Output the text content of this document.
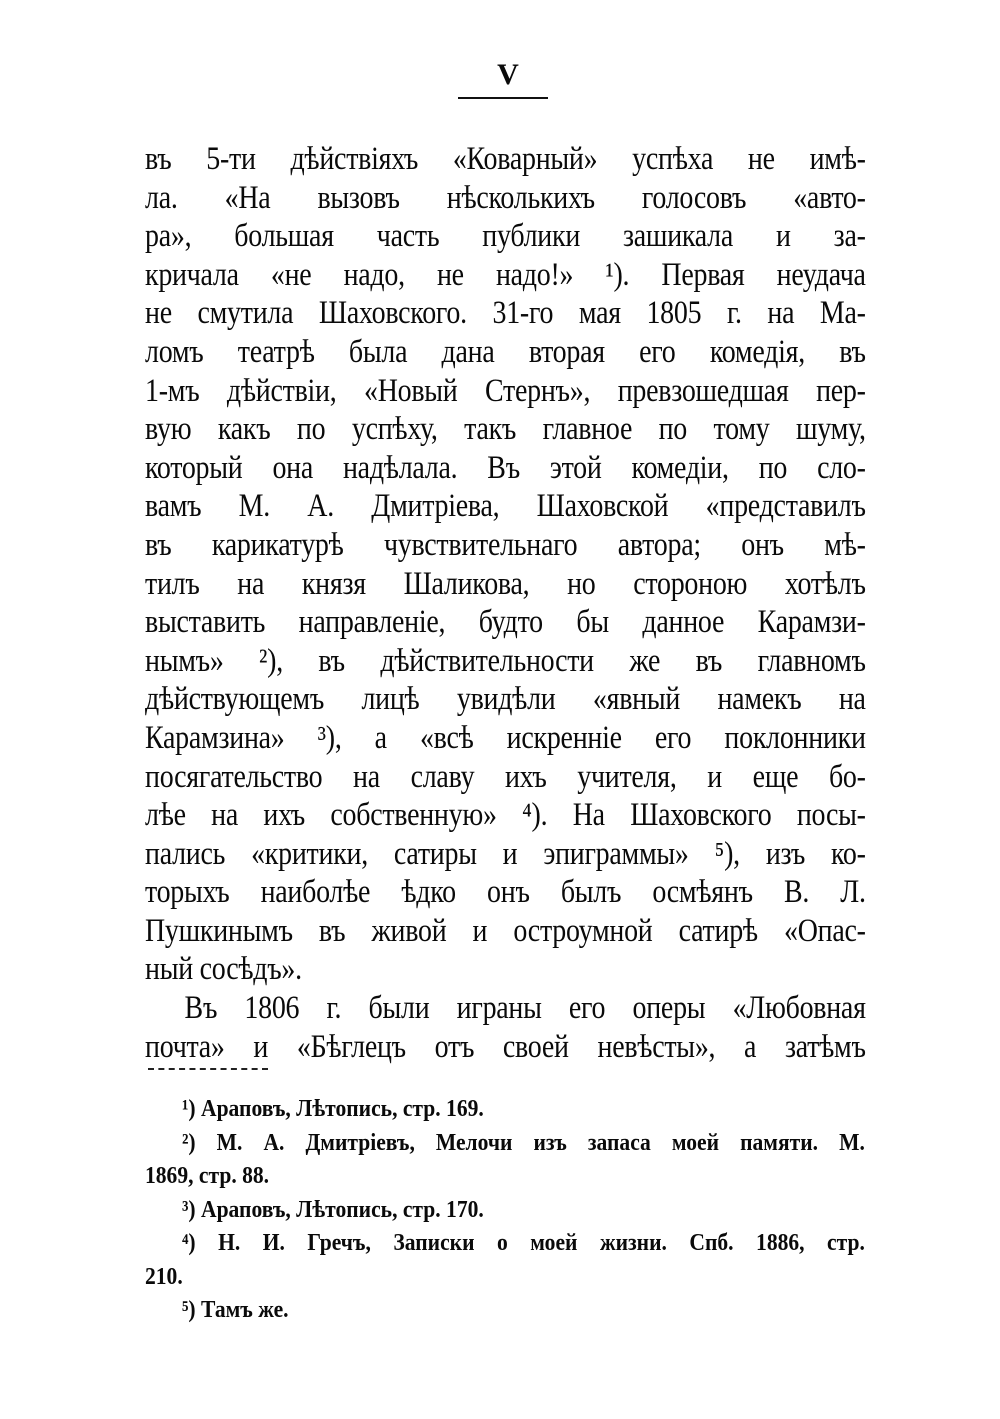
V
въ 5-ти дѣйствіяхъ «Коварный» успѣха не имѣ-
ла. «На вызовъ нѣсколькихъ голосовъ «авто-
ра», большая часть публики зашикала и за-
кричала «не надо, не надо!» ¹). Первая неудача
не смутила Шаховского. 31-го мая 1805 г. на Ма-
ломъ театрѣ была дана вторая его комедія, въ
1-мъ дѣйствіи, «Новый Стернъ», превзошедшая пер-
вую какъ по успѣху, такъ главное по тому шуму,
который она надѣлала. Въ этой комедіи, по сло-
вамъ М. А. Дмитріева, Шаховской «представилъ
въ карикатурѣ чувствительнаго автора; онъ мѣ-
тилъ на князя Шаликова, но стороною хотѣлъ
выставить направленіе, будто бы данное Карамзи-
нымъ» ²), въ дѣйствительности же въ главномъ
дѣйствующемъ лицѣ увидѣли «явный намекъ на
Карамзина» ³), а «всѣ искренніе его поклонники
посягательство на славу ихъ учителя, и еще бо-
лѣе на ихъ собственную» ⁴). На Шаховского посы-
пались «критики, сатиры и эпиграммы» ⁵), изъ ко-
торыхъ наиболѣе ѣдко онъ былъ осмѣянъ В. Л.
Пушкинымъ въ живой и остроумной сатирѣ «Опас-
ный сосѣдъ».
Въ 1806 г. были играны его оперы «Любовная
почта» и «Бѣглецъ отъ своей невѣсты», а затѣмъ
¹) Араповъ, Лѣтопись, стр. 169.
²) М. А. Дмитріевъ, Мелочи изъ запаса моей памяти. М.
1869, стр. 88.
³) Араповъ, Лѣтопись, стр. 170.
⁴) Н. И. Гречъ, Записки о моей жизни. Спб. 1886, стр.
210.
⁵) Тамъ же.
